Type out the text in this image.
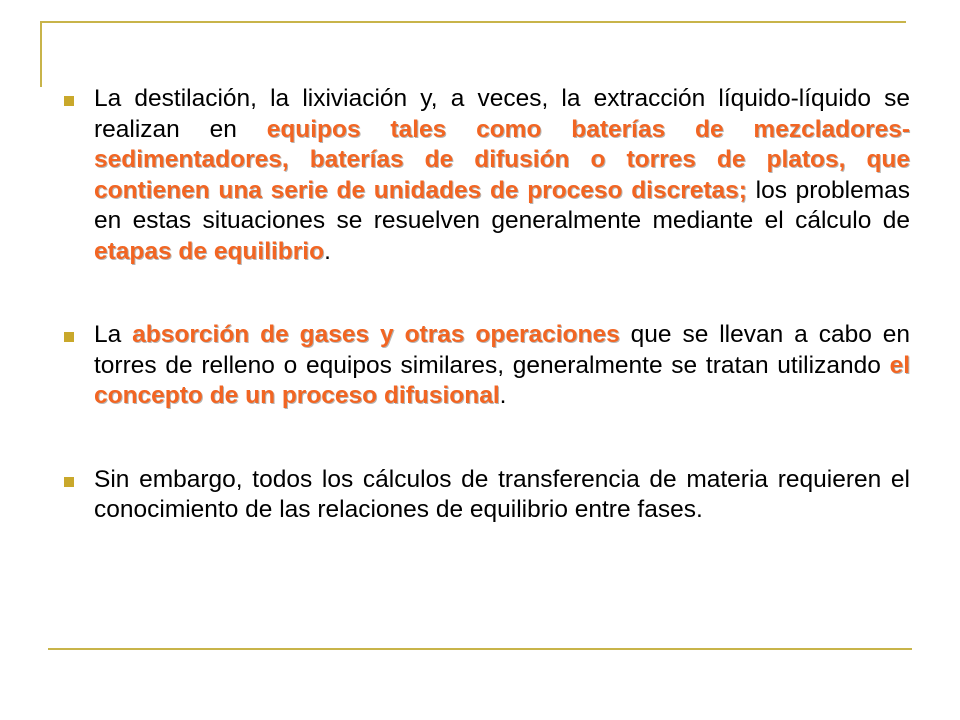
La destilación, la lixiviación y, a veces, la extracción líquido-líquido se realizan en equipos tales como baterías de mezcladores-sedimentadores, baterías de difusión o torres de platos, que contienen una serie de unidades de proceso discretas; los problemas en estas situaciones se resuelven generalmente mediante el cálculo de etapas de equilibrio.

La absorción de gases y otras operaciones que se llevan a cabo en torres de relleno o equipos similares, generalmente se tratan utilizando el concepto de un proceso difusional.

Sin embargo, todos los cálculos de transferencia de materia requieren el conocimiento de las relaciones de equilibrio entre fases.
